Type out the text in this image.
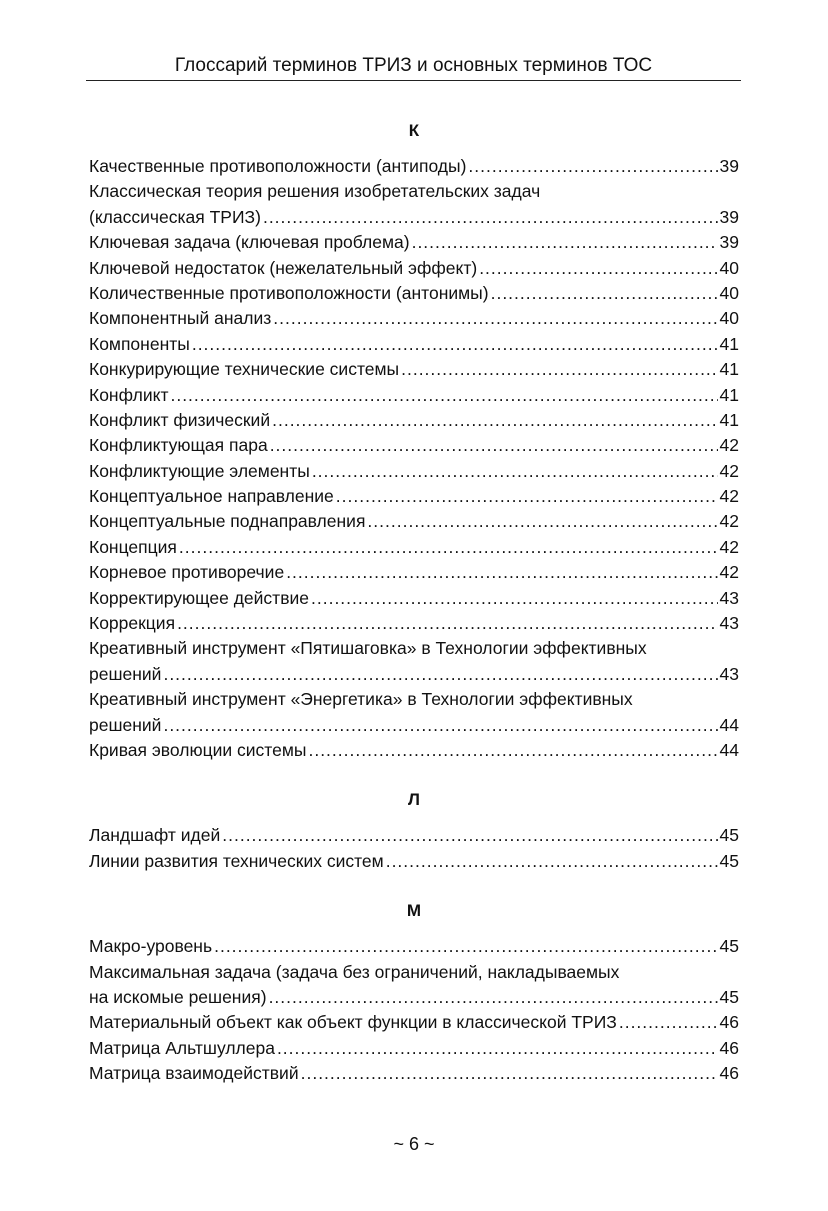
Глоссарий терминов ТРИЗ и основных терминов ТОС
К
Качественные противоположности (антиподы) .....	39
Классическая теория решения изобретательских задач
(классическая ТРИЗ) .....	39
Ключевая задача (ключевая проблема) .....	39
Ключевой недостаток (нежелательный эффект) .....	40
Количественные противоположности (антонимы) .....	40
Компонентный анализ .....	40
Компоненты .....	41
Конкурирующие технические системы .....	41
Конфликт .....	41
Конфликт физический .....	41
Конфликтующая пара .....	42
Конфликтующие элементы .....	42
Концептуальное направление .....	42
Концептуальные поднаправления .....	42
Концепция .....	42
Корневое противоречие .....	42
Корректирующее действие .....	43
Коррекция .....	43
Креативный инструмент «Пятишаговка» в Технологии эффективных
решений .....	43
Креативный инструмент «Энергетика» в Технологии эффективных
решений .....	44
Кривая эволюции системы .....	44
Л
Ландшафт идей .....	45
Линии развития технических систем .....	45
М
Макро-уровень .....	45
Максимальная задача (задача без ограничений, накладываемых
на искомые решения) .....	45
Материальный объект как объект функции в классической ТРИЗ .....	46
Матрица Альтшуллера .....	46
Матрица взаимодействий .....	46
~ 6 ~
